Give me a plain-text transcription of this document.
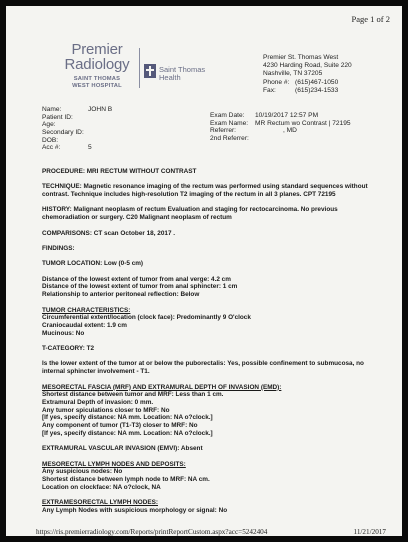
Page 1 of 2
Premier
Radiology
SAINT THOMAS
WEST HOSPITAL
Saint Thomas
Health
Premier St. Thomas West
4230 Harding Road, Suite 220
Nashville, TN 37205
Phone #: (615)467-1050
Fax:	(615)234-1533
Name:	JOHN B
Patient ID:
Age:
Secondary ID:
DOB:
Acc #:	5
Exam Date: 10/19/2017 12:57 PM
Exam Name: MR Rectum wo Contrast | 72195
Referrer:	, MD
2nd Referrer:
PROCEDURE: MRI RECTUM WITHOUT CONTRAST
TECHNIQUE: Magnetic resonance imaging of the rectum was performed using standard sequences without
contrast. Technique includes high-resolution T2 imaging of the rectum in all 3 planes. CPT 72195
HISTORY: Malignant neoplasm of rectum Evaluation and staging for rectocarcinoma. No previous
chemoradiation or surgery. C20 Malignant neoplasm of rectum
COMPARISONS: CT scan October 18, 2017 .
FINDINGS:
TUMOR LOCATION: Low (0-5 cm)
Distance of the lowest extent of tumor from anal verge: 4.2 cm
Distance of the lowest extent of tumor from anal sphincter: 1 cm
Relationship to anterior peritoneal reflection: Below
TUMOR CHARACTERISTICS:
Circumferential extent/location (clock face): Predominantly 9 O'clock
Craniocaudal extent: 1.9 cm
Mucinous: No
T-CATEGORY: T2
Is the lower extent of the tumor at or below the puborectalis: Yes, possible confinement to submucosa, no
internal sphincter involvement - T1.
MESORECTAL FASCIA (MRF) AND EXTRAMURAL DEPTH OF INVASION (EMD):
Shortest distance between tumor and MRF: Less than 1 cm.
Extramural Depth of invasion: 0 mm.
Any tumor spiculations closer to MRF: No
[If yes, specify distance: NA mm. Location: NA o?clock.]
Any component of tumor (T1-T3) closer to MRF: No
[If yes, specify distance: NA mm. Location: NA o?clock.]
EXTRAMURAL VASCULAR INVASION (EMVI): Absent
MESORECTAL LYMPH NODES AND DEPOSITS:
Any suspicious nodes: No
Shortest distance between lymph node to MRF: NA cm.
Location on clockface: NA o?clock, NA
EXTRAMESORECTAL LYMPH NODES:
Any Lymph Nodes with suspicious morphology or signal: No
https://ris.premierradiology.com/Reports/printReportCustom.aspx?acc=5242404	11/21/2017
